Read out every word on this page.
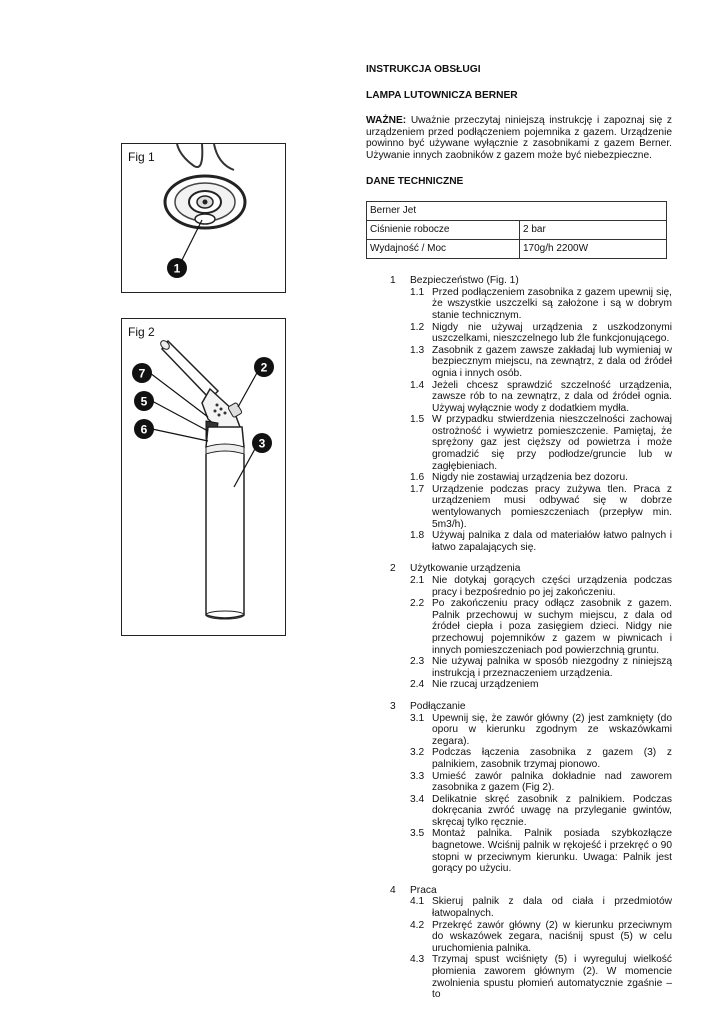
Fig 1
1
Fig 2
7
5
6
2
3
INSTRUKCJA OBSŁUGI
LAMPA LUTOWNICZA BERNER

WAŻNE: Uważnie przeczytaj niniejszą instrukcję i zapoznaj się z urządzeniem przed podłączeniem pojemnika z gazem. Urządzenie powinno być używane wyłącznie z zasobnikami z gazem Berner. Używanie innych zaobników z gazem może być niebezpieczne.

DANE TECHNICZNE
Berner Jet	
Ciśnienie robocze	2 bar
Wydajność / Moc	170g/h 2200W
1 Bezpieczeństwo (Fig. 1)
1.1 Przed podłączeniem zasobnika z gazem upewnij się, że wszystkie uszczelki są założone i są w dobrym stanie technicznym.
1.2 Nigdy nie używaj urządzenia z uszkodzonymi uszczelkami, nieszczelnego lub źle funkcjonującego.
1.3 Zasobnik z gazem zawsze zakładaj lub wymieniaj w bezpiecznym miejscu, na zewnątrz, z dala od źródeł ognia i innych osób.
1.4 Jeżeli chcesz sprawdzić szczelność urządzenia, zawsze rób to na zewnątrz, z dala od źródeł ognia. Używaj wyłącznie wody z dodatkiem mydła.
1.5 W przypadku stwierdzenia nieszczelności zachowaj ostrożność i wywietrz pomieszczenie. Pamiętaj, że sprężony gaz jest cięższy od powietrza i może gromadzić się przy podłodze/gruncie lub w zagłębieniach.
1.6 Nigdy nie zostawiaj urządzenia bez dozoru.
1.7 Urządzenie podczas pracy zużywa tlen. Praca z urządzeniem musi odbywać się w dobrze wentylowanych pomieszczeniach (przepływ min. 5m3/h).
1.8 Używaj palnika z dala od materiałów łatwo palnych i łatwo zapalających się.
2 Użytkowanie urządzenia
2.1 Nie dotykaj gorących części urządzenia podczas pracy i bezpośrednio po jej zakończeniu.
2.2 Po zakończeniu pracy odłącz zasobnik z gazem. Palnik przechowuj w suchym miejscu, z dala od źródeł ciepła i poza zasięgiem dzieci. Nidgy nie przechowuj pojemników z gazem w piwnicach i innych pomieszczeniach pod powierzchnią gruntu.
2.3 Nie używaj palnika w sposób niezgodny z niniejszą instrukcją i przeznaczeniem urządzenia.
2.4 Nie rzucaj urządzeniem
3 Podłączanie
3.1 Upewnij się, że zawór główny (2) jest zamknięty (do oporu w kierunku zgodnym ze wskazówkami zegara).
3.2 Podczas łączenia zasobnika z gazem (3) z palnikiem, zasobnik trzymaj pionowo.
3.3 Umieść zawór palnika dokładnie nad zaworem zasobnika z gazem (Fig 2).
3.4 Delikatnie skręć zasobnik z palnikiem. Podczas dokręcania zwróć uwagę na przyleganie gwintów, skręcaj tylko ręcznie.
3.5 Montaż palnika. Palnik posiada szybkozłącze bagnetowe. Wciśnij palnik w rękojeść i przekręć o 90 stopni w przeciwnym kierunku. Uwaga: Palnik jest gorący po użyciu.
4 Praca
4.1 Skieruj palnik z dala od ciała i przedmiotów łatwopalnych.
4.2 Przekręć zawór główny (2) w kierunku przeciwnym do wskazówek zegara, naciśnij spust (5) w celu uruchomienia palnika.
4.3 Trzymaj spust wciśnięty (5) i wyreguluj wielkość płomienia zaworem głównym (2). W momencie zwolnienia spustu płomień automatycznie zgaśnie – to
